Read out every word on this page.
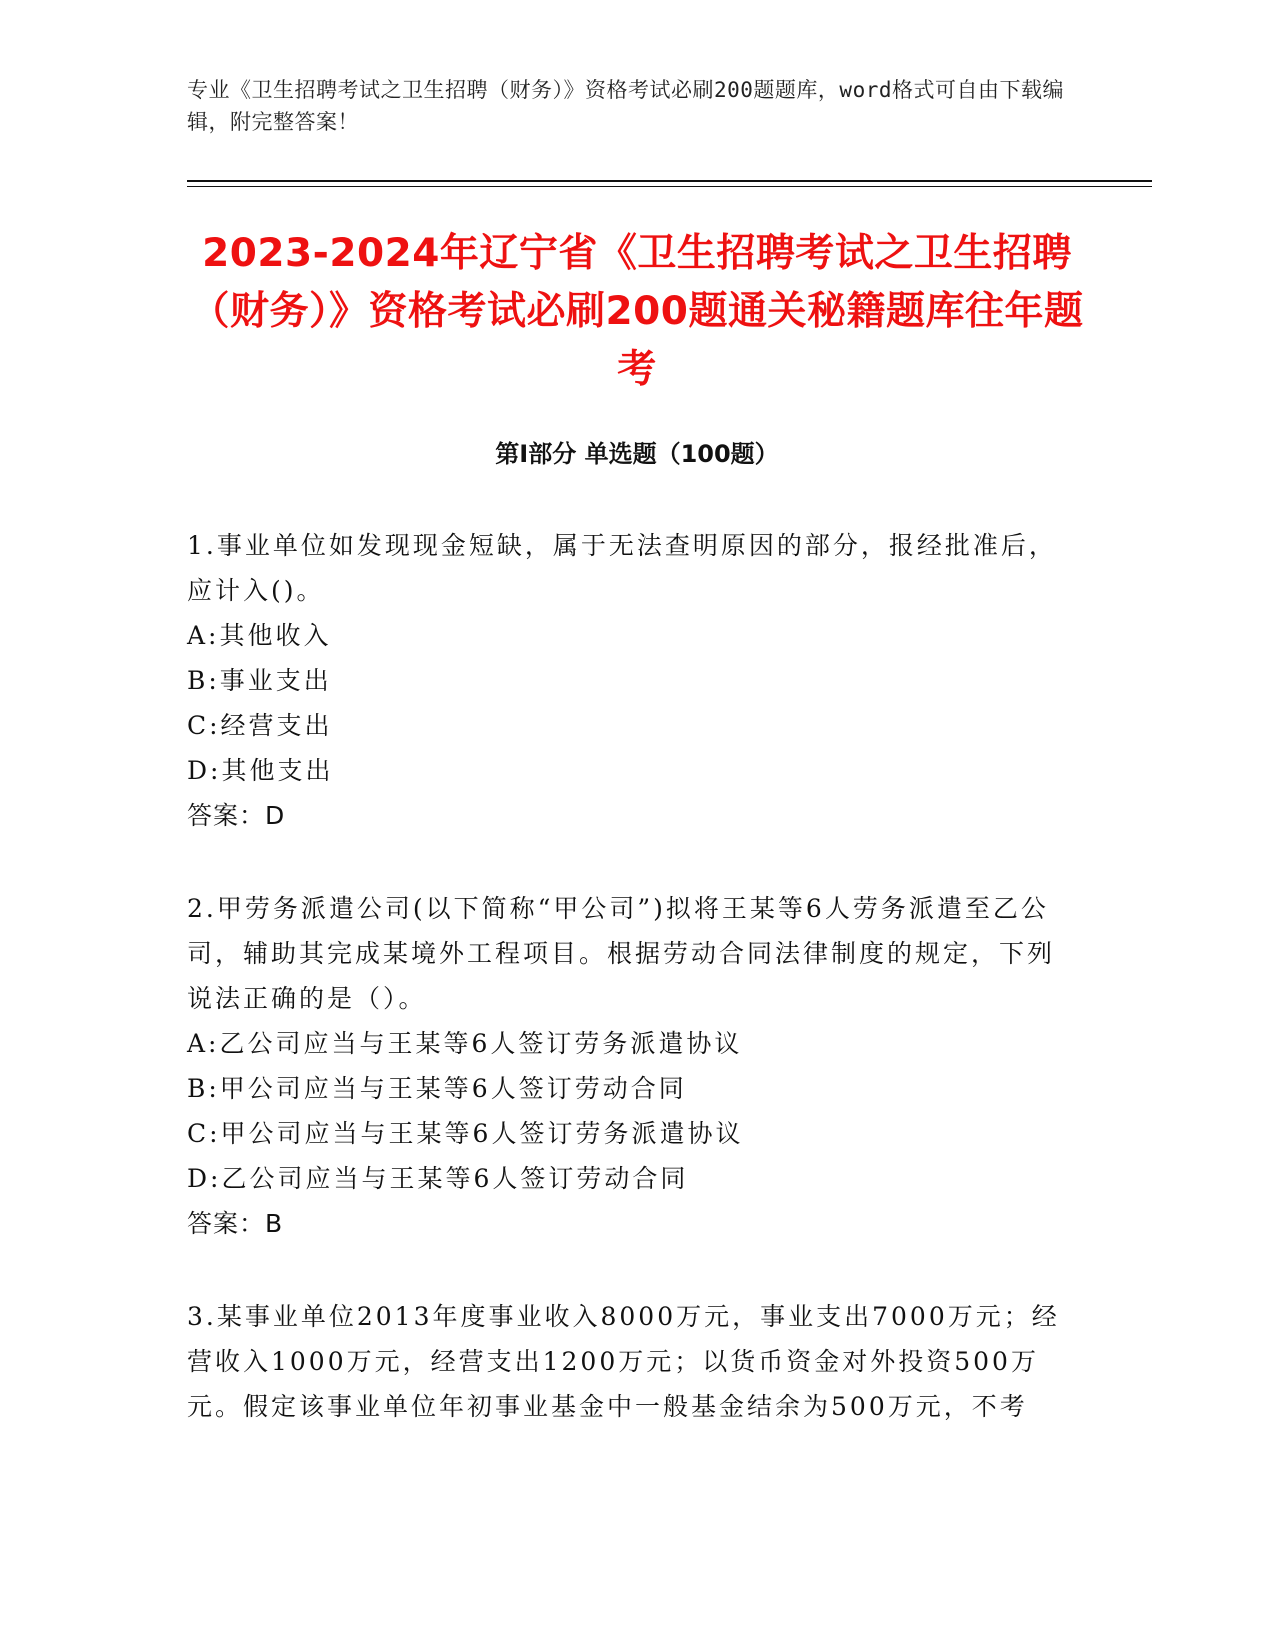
专业《卫生招聘考试之卫生招聘（财务）》资格考试必刷200题题库，word格式可自由下载编辑，附完整答案！
2023-2024年辽宁省《卫生招聘考试之卫生招聘（财务）》资格考试必刷200题通关秘籍题库往年题考
第Ⅰ部分 单选题（100题）

1.事业单位如发现现金短缺，属于无法查明原因的部分，报经批准后，应计入()。

A:其他收入

B:事业支出

C:经营支出

D:其他支出

答案：D

2.甲劳务派遣公司(以下简称“甲公司”)拟将王某等6人劳务派遣至乙公司，辅助其完成某境外工程项目。根据劳动合同法律制度的规定，下列说法正确的是（）。

A:乙公司应当与王某等6人签订劳务派遣协议

B:甲公司应当与王某等6人签订劳动合同

C:甲公司应当与王某等6人签订劳务派遣协议

D:乙公司应当与王某等6人签订劳动合同

答案：B

3.某事业单位2013年度事业收入8000万元，事业支出7000万元；经营收入1000万元，经营支出1200万元；以货币资金对外投资500万元。假定该事业单位年初事业基金中一般基金结余为500万元，不考
